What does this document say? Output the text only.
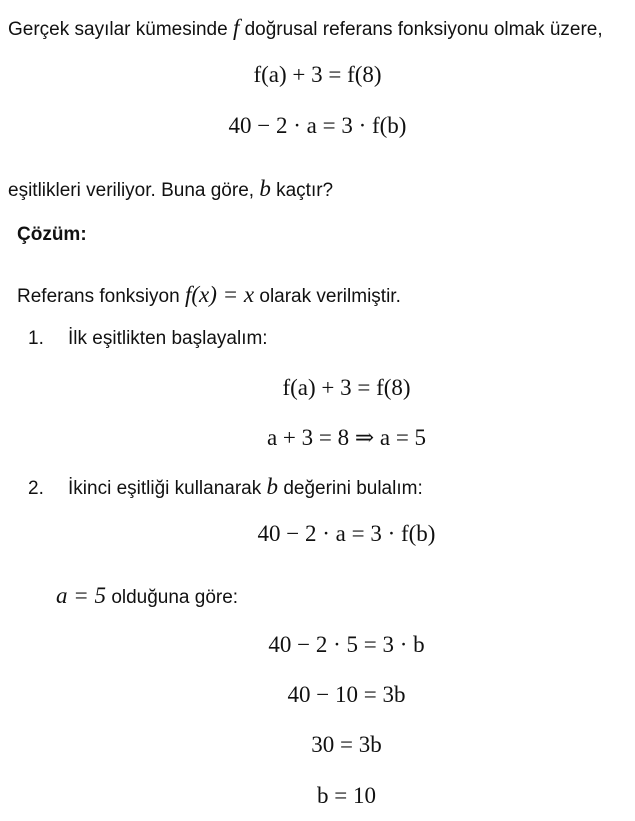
Gerçek sayılar kümesinde f doğrusal referans fonksiyonu olmak üzere,
f(a) + 3 = f(8)
40 − 2 · a = 3 · f(b)
eşitlikleri veriliyor. Buna göre, b kaçtır?
Çözüm:
Referans fonksiyon f(x) = x olarak verilmiştir.
1. İlk eşitlikten başlayalım:
f(a) + 3 = f(8)
a + 3 = 8 ⇒ a = 5
2. İkinci eşitliği kullanarak b değerini bulalım:
40 − 2 · a = 3 · f(b)
a = 5 olduğuna göre:
40 − 2 · 5 = 3 · b
40 − 10 = 3b
30 = 3b
b = 10
